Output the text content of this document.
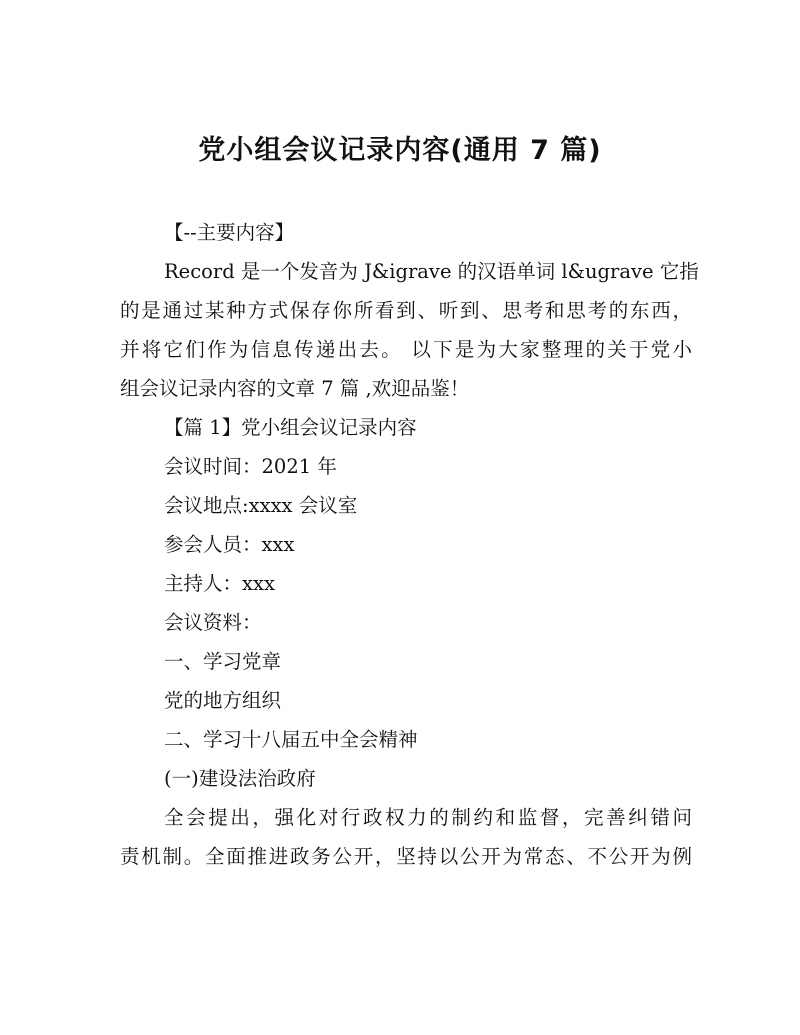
党小组会议记录内容(通用 7 篇)
【--主要内容】
Record 是一个发音为 J&igrave 的汉语单词 l&ugrave 它指
的是通过某种方式保存你所看到、听到、思考和思考的东西，
并将它们作为信息传递出去。 以下是为大家整理的关于党小
组会议记录内容的文章 7 篇 ,欢迎品鉴！
【篇 1】党小组会议记录内容
会议时间：2021 年
会议地点:xxxx 会议室
参会人员：xxx
主持人：xxx
会议资料：
一、学习党章
党的地方组织
二、学习十八届五中全会精神
(一)建设法治政府
全会提出，强化对行政权力的制约和监督，完善纠错问
责机制。全面推进政务公开，坚持以公开为常态、不公开为例
